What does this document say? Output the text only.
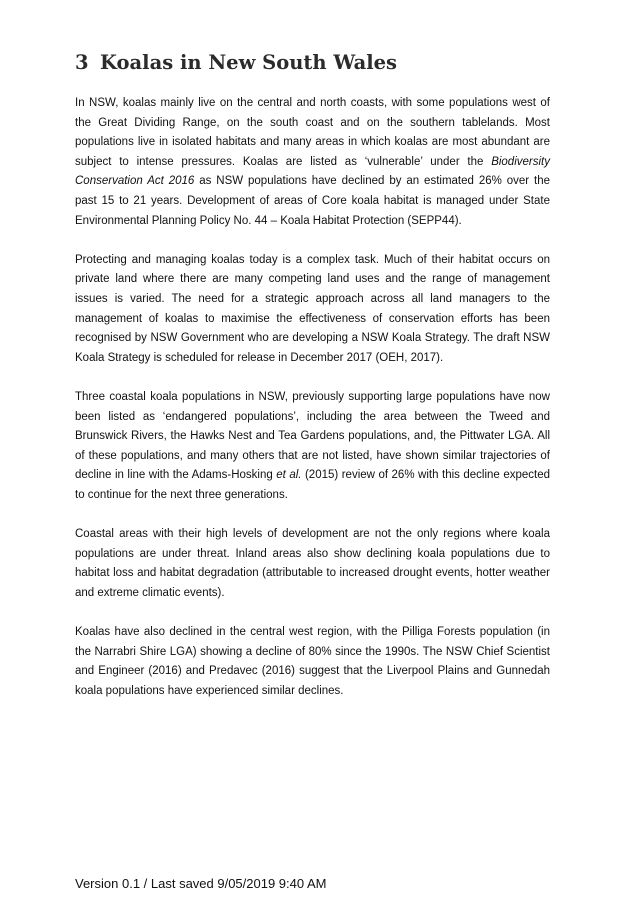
3 Koalas in New South Wales

In NSW, koalas mainly live on the central and north coasts, with some populations west of the Great Dividing Range, on the south coast and on the southern tablelands. Most populations live in isolated habitats and many areas in which koalas are most abundant are subject to intense pressures. Koalas are listed as ‘vulnerable’ under the Biodiversity Conservation Act 2016 as NSW populations have declined by an estimated 26% over the past 15 to 21 years. Development of areas of Core koala habitat is managed under State Environmental Planning Policy No. 44 – Koala Habitat Protection (SEPP44).

Protecting and managing koalas today is a complex task. Much of their habitat occurs on private land where there are many competing land uses and the range of management issues is varied. The need for a strategic approach across all land managers to the management of koalas to maximise the effectiveness of conservation efforts has been recognised by NSW Government who are developing a NSW Koala Strategy. The draft NSW Koala Strategy is scheduled for release in December 2017 (OEH, 2017).

Three coastal koala populations in NSW, previously supporting large populations have now been listed as ‘endangered populations’, including the area between the Tweed and Brunswick Rivers, the Hawks Nest and Tea Gardens populations, and, the Pittwater LGA. All of these populations, and many others that are not listed, have shown similar trajectories of decline in line with the Adams-Hosking et al. (2015) review of 26% with this decline expected to continue for the next three generations.

Coastal areas with their high levels of development are not the only regions where koala populations are under threat. Inland areas also show declining koala populations due to habitat loss and habitat degradation (attributable to increased drought events, hotter weather and extreme climatic events).

Koalas have also declined in the central west region, with the Pilliga Forests population (in the Narrabri Shire LGA) showing a decline of 80% since the 1990s. The NSW Chief Scientist and Engineer (2016) and Predavec (2016) suggest that the Liverpool Plains and Gunnedah koala populations have experienced similar declines.

Version 0.1 / Last saved 9/05/2019 9:40 AM
